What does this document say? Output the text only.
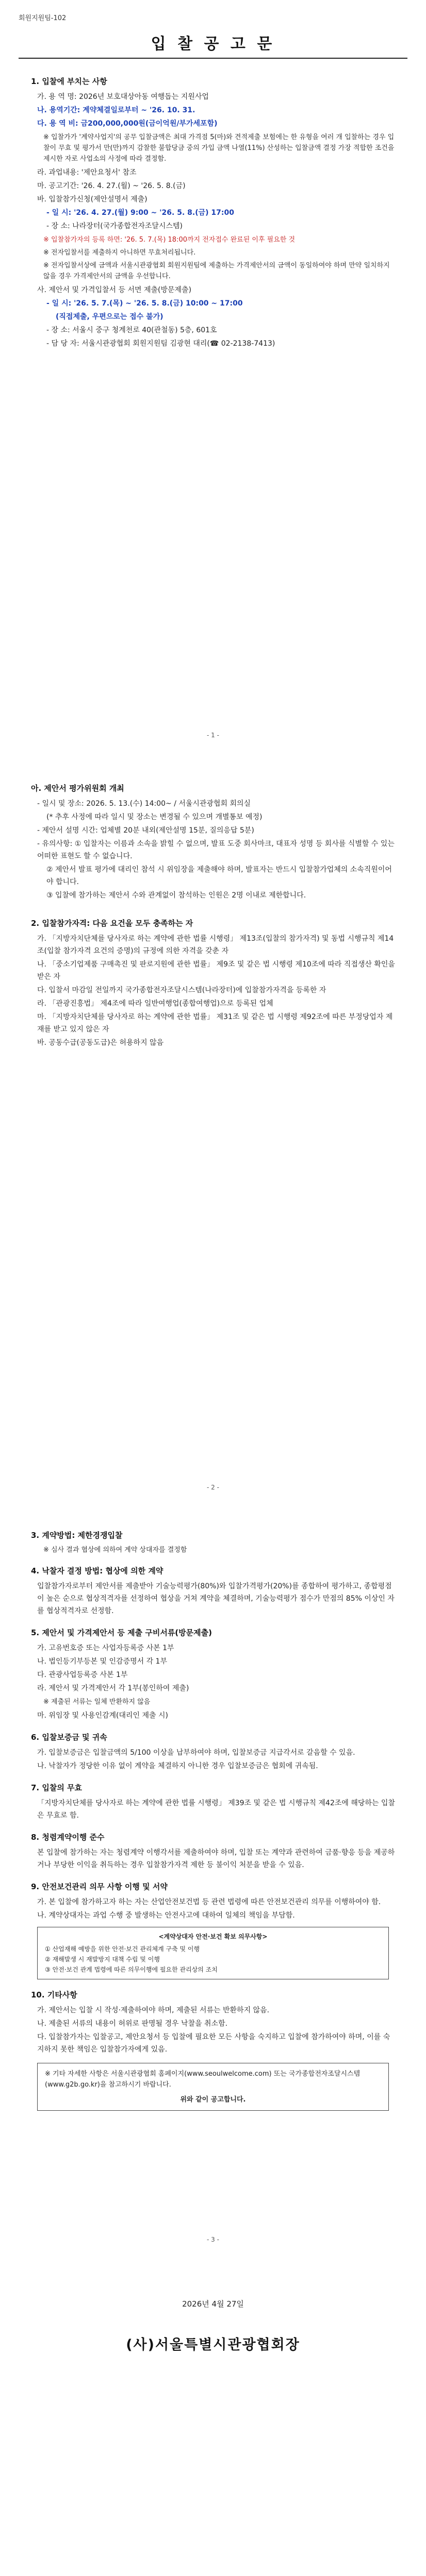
회원지원팀-102
입 찰 공 고 문
1. 입찰에 부치는 사항
가. 용 역 명: 2026년 보호대상아동 여행돕는 지원사업
나. 용역기간: 계약체결일로부터 ~ '26. 10. 31.
다. 용 역 비: 금200,000,000원(금이억원/부가세포함)
※ 입찰가가 '계약사업지'의 공무 입찰금액은 최대 가격점 5(마)와 견적제출 보험에는 한 유형을 여러 개 입찰하는 경우 입찰이 무효 및 평가서 만(만)까지 감찰한 불합당금 중의 가입 금액 나열(11%) 산성하는 입찰금액 결정 가장 적합한 조건을 제시한 자로 사업소의 사정에 따라 결정함.
라. 과업내용: '제안요청서' 참조
마. 공고기간: '26. 4. 27.(월) ~ '26. 5. 8.(금)
바. 입찰참가신청(제안설명서 제출)
- 일 시: '26. 4. 27.(월) 9:00 ~ '26. 5. 8.(금) 17:00
- 장 소: 나라장터(국가종합전자조달시스템)
※ 입찰참가자의 등록 하면: '26. 5. 7.(목) 18:00까지 전자접수 완료된 이후 필요한 것
※ 전자입찰서를 제출하지 아니하면 무효처리됩니다.
※ 전자입찰서상에 금액과 서울시관광협회 회원지원팀에 제출하는 가격제안서의 금액이 동일하여야 하며 만약 일치하지 않을 경우 가격제안서의 금액을 우선합니다.
사. 제안서 및 가격입찰서 등 서면 제출(방문제출)
- 일 시: '26. 5. 7.(목) ~ '26. 5. 8.(금) 10:00 ~ 17:00
(직접제출, 우편으로는 접수 불가)
- 장 소: 서울시 중구 청계천로 40(관철동) 5층, 601호
- 담 당 자: 서울시관광협회 회원지원팀 김광현 대리(☎ 02-2138-7413)
- 1 -
아. 제안서 평가위원회 개최
- 일시 및 장소: 2026. 5. 13.(수) 14:00~ / 서울시관광협회 회의실
(* 추후 사정에 따라 일시 및 장소는 변경될 수 있으며 개별통보 예정)
- 제안서 설명 시간: 업체별 20분 내외(제안설명 15분, 질의응답 5분)
- 유의사항: ① 입찰자는 이름과 소속을 밝힐 수 없으며, 발표 도중 회사마크, 대표자 성명 등 회사를 식별할 수 있는 어떠한 표현도 할 수 없습니다.
② 제안서 발표 평가에 대리인 참석 시 위임장을 제출해야 하며, 발표자는 반드시 입찰참가업체의 소속직원이어야 합니다.
③ 입찰에 참가하는 제안서 수와 관계없이 참석하는 인원은 2명 이내로 제한합니다.
2. 입찰참가자격: 다음 요건을 모두 충족하는 자
가. 「지방자치단체를 당사자로 하는 계약에 관한 법률 시행령」 제13조(입찰의 참가자격) 및 동법 시행규칙 제14조(입찰 참가자격 요건의 증명)의 규정에 의한 자격을 갖춘 자
나. 「중소기업제품 구매촉진 및 판로지원에 관한 법률」 제9조 및 같은 법 시행령 제10조에 따라 직접생산 확인을 받은 자
다. 입찰서 마감일 전일까지 국가종합전자조달시스템(나라장터)에 입찰참가자격을 등록한 자
라. 「관광진흥법」 제4조에 따라 일반여행업(종합여행업)으로 등록된 업체
마. 「지방자치단체를 당사자로 하는 계약에 관한 법률」 제31조 및 같은 법 시행령 제92조에 따른 부정당업자 제재를 받고 있지 않은 자
바. 공동수급(공동도급)은 허용하지 않음
- 2 -
3. 계약방법: 제한경쟁입찰
※ 심사 결과 협상에 의하여 계약 상대자를 결정함
4. 낙찰자 결정 방법: 협상에 의한 계약
입찰참가자로부터 제안서를 제출받아 기술능력평가(80%)와 입찰가격평가(20%)를 종합하여 평가하고, 종합평점이 높은 순으로 협상적격자를 선정하여 협상을 거쳐 계약을 체결하며, 기술능력평가 점수가 만점의 85% 이상인 자를 협상적격자로 선정함.
5. 제안서 및 가격제안서 등 제출 구비서류(방문제출)
가. 고유번호증 또는 사업자등록증 사본 1부
나. 법인등기부등본 및 인감증명서 각 1부
다. 관광사업등록증 사본 1부
라. 제안서 및 가격제안서 각 1부(봉인하여 제출)
※ 제출된 서류는 일체 반환하지 않음
마. 위임장 및 사용인감계(대리인 제출 시)
6. 입찰보증금 및 귀속
가. 입찰보증금은 입찰금액의 5/100 이상을 납부하여야 하며, 입찰보증금 지급각서로 갈음할 수 있음.
나. 낙찰자가 정당한 이유 없이 계약을 체결하지 아니한 경우 입찰보증금은 협회에 귀속됨.
7. 입찰의 무효
「지방자치단체를 당사자로 하는 계약에 관한 법률 시행령」 제39조 및 같은 법 시행규칙 제42조에 해당하는 입찰은 무효로 함.
8. 청렴계약이행 준수
본 입찰에 참가하는 자는 청렴계약 이행각서를 제출하여야 하며, 입찰 또는 계약과 관련하여 금품·향응 등을 제공하거나 부당한 이익을 취득하는 경우 입찰참가자격 제한 등 불이익 처분을 받을 수 있음.
9. 안전보건관리 의무 사항 이행 및 서약
가. 본 입찰에 참가하고자 하는 자는 산업안전보건법 등 관련 법령에 따른 안전보건관리 의무를 이행하여야 함.
나. 계약상대자는 과업 수행 중 발생하는 안전사고에 대하여 일체의 책임을 부담함.
<계약상대자 안전·보건 확보 의무사항>
① 산업재해 예방을 위한 안전·보건 관리체계 구축 및 이행
② 재해발생 시 재발방지 대책 수립 및 이행
③ 안전·보건 관계 법령에 따른 의무이행에 필요한 관리상의 조치
10. 기타사항
가. 제안서는 입찰 시 작성·제출하여야 하며, 제출된 서류는 반환하지 않음.
나. 제출된 서류의 내용이 허위로 판명될 경우 낙찰을 취소함.
다. 입찰참가자는 입찰공고, 제안요청서 등 입찰에 필요한 모든 사항을 숙지하고 입찰에 참가하여야 하며, 이를 숙지하지 못한 책임은 입찰참가자에게 있음.
※ 기타 자세한 사항은 서울시관광협회 홈페이지(www.seoulwelcome.com) 또는 국가종합전자조달시스템(www.g2b.go.kr)을 참고하시기 바랍니다.
위와 같이 공고합니다.
- 3 -
2026년 4월 27일
(사)서울특별시관광협회장
